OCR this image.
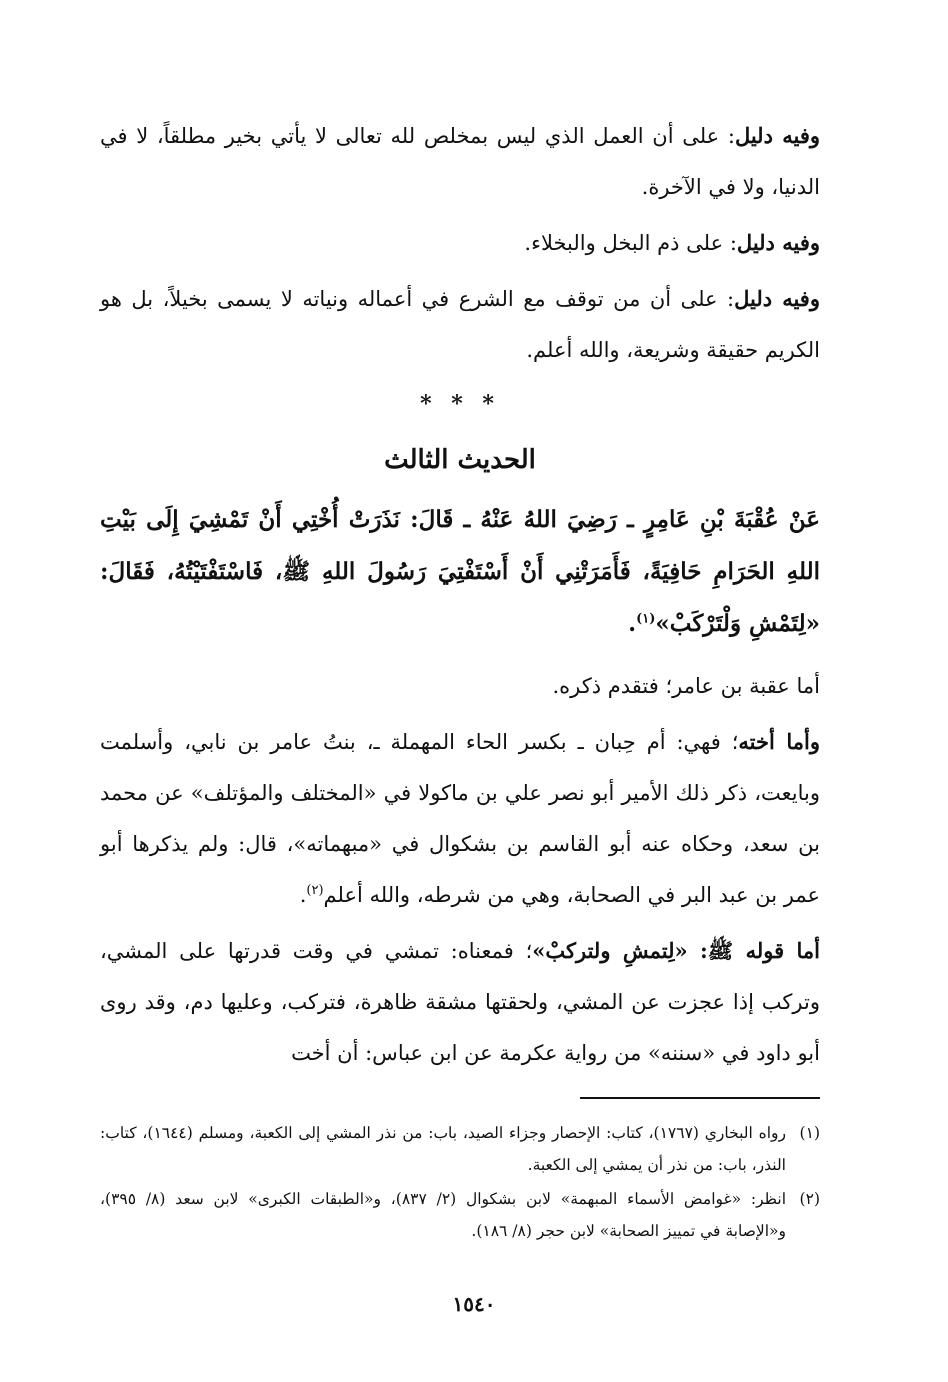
وفيه دليل: على أن العمل الذي ليس بمخلص لله تعالى لا يأتي بخير مطلقاً، لا في الدنيا، ولا في الآخرة.

وفيه دليل: على ذم البخل والبخلاء.

وفيه دليل: على أن من توقف مع الشرع في أعماله ونياته لا يسمى بخيلاً، بل هو الكريم حقيقة وشريعة، والله أعلم.

* * *
الحديث الثالث

عَنْ عُقْبَةَ بْنِ عَامِرٍ ـ رَضِيَ اللهُ عَنْهُ ـ قَالَ: نَذَرَتْ أُخْتِي أَنْ تَمْشِيَ إِلَى بَيْتِ اللهِ الحَرَامِ حَافِيَةً، فَأَمَرَتْنِي أَنْ أَسْتَفْتِيَ رَسُولَ اللهِ ﷺ، فَاسْتَفْتَيْتُهُ، فَقَالَ: «لِتَمْشِ وَلْتَرْكَبْ»$^{(١)}$.

أما عقبة بن عامر؛ فتقدم ذكره.

وأما أخته؛ فهي: أم حِبان ـ بكسر الحاء المهملة ـ، بنتُ عامر بن نابي، وأسلمت وبايعت، ذكر ذلك الأمير أبو نصر علي بن ماكولا في «المختلف والمؤتلف» عن محمد بن سعد، وحكاه عنه أبو القاسم بن بشكوال في «مبهماته»، قال: ولم يذكرها أبو عمر بن عبد البر في الصحابة، وهي من شرطه، والله أعلم$^{(٢)}$.

أما قوله ﷺ: «لِتمشِ ولتركبْ»؛ فمعناه: تمشي في وقت قدرتها على المشي، وتركب إذا عجزت عن المشي، ولحقتها مشقة ظاهرة، فتركب، وعليها دم، وقد روى أبو داود في «سننه» من رواية عكرمة عن ابن عباس: أن أخت

(١)
رواه البخاري (١٧٦٧)، كتاب: الإحصار وجزاء الصيد، باب: من نذر المشي إلى الكعبة، ومسلم (١٦٤٤)، كتاب: النذر، باب: من نذر أن يمشي إلى الكعبة.
(٢)
انظر: «غوامض الأسماء المبهمة» لابن بشكوال (٢/ ٨٣٧)، و«الطبقات الكبرى» لابن سعد (٨/ ٣٩٥)، و«الإصابة في تمييز الصحابة» لابن حجر (٨/ ١٨٦).
١٥٤٠
